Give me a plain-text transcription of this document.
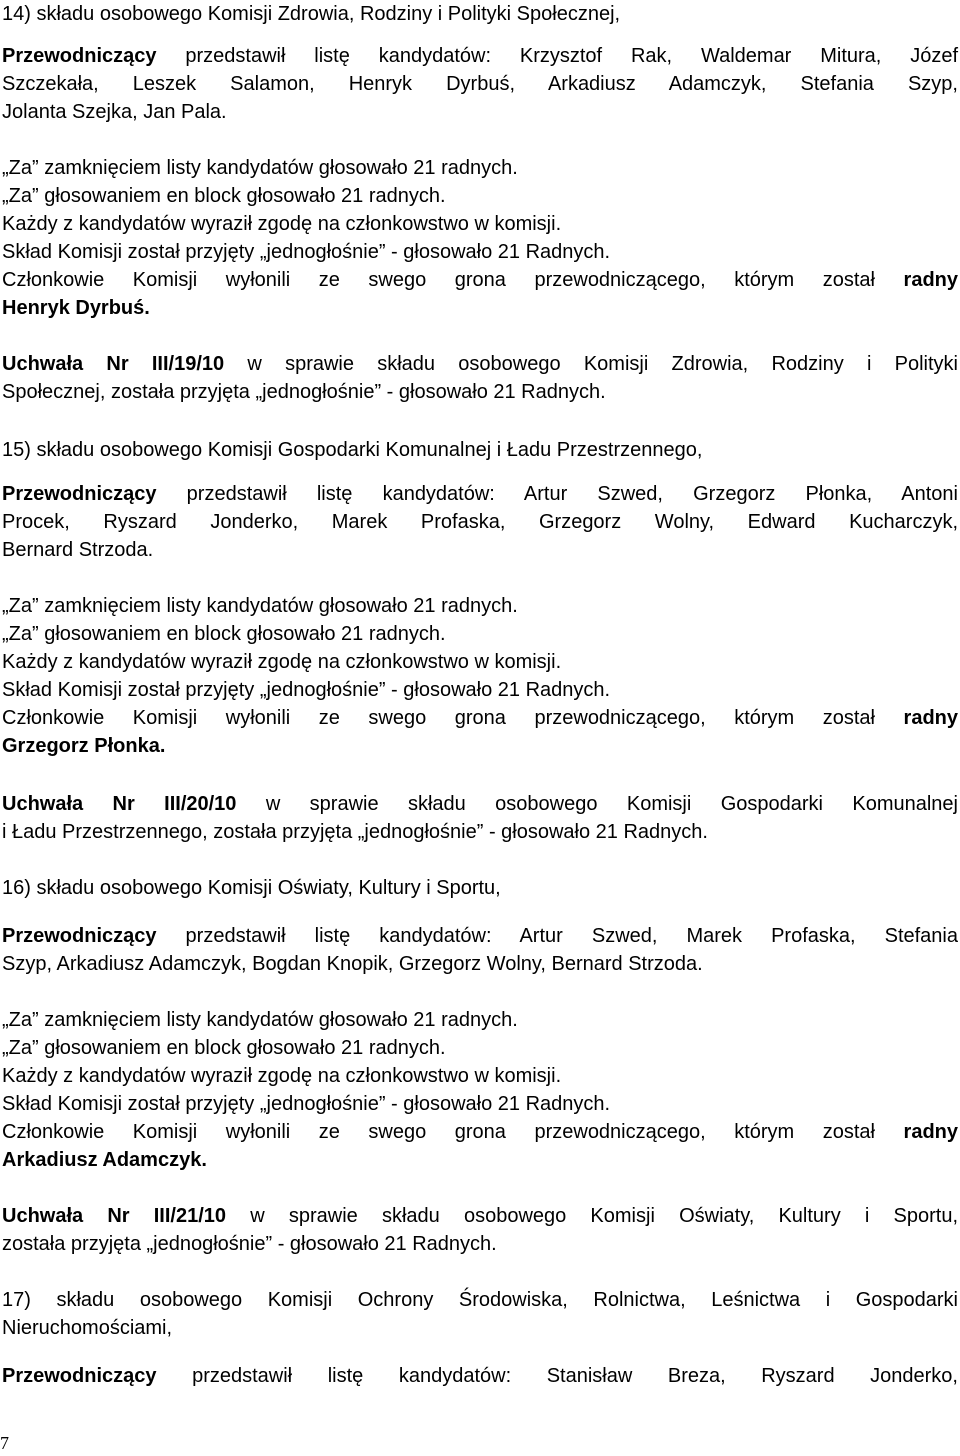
14) składu osobowego Komisji Zdrowia, Rodziny i Polityki Społecznej,
Przewodniczący przedstawił listę kandydatów: Krzysztof Rak, Waldemar Mitura, Józef
Szczekała, Leszek Salamon, Henryk Dyrbuś, Arkadiusz Adamczyk, Stefania Szyp,
Jolanta Szejka, Jan Pala.
„Za” zamknięciem listy kandydatów głosowało 21 radnych.
„Za” głosowaniem en block głosowało 21 radnych.
Każdy z kandydatów wyraził zgodę na członkowstwo w komisji.
Skład Komisji został przyjęty „jednogłośnie” - głosowało 21 Radnych.
Członkowie Komisji wyłonili ze swego grona przewodniczącego, którym został radny
Henryk Dyrbuś.
Uchwała Nr III/19/10 w sprawie składu osobowego Komisji Zdrowia, Rodziny i Polityki
Społecznej, została przyjęta „jednogłośnie” - głosowało 21 Radnych.
15) składu osobowego Komisji Gospodarki Komunalnej i Ładu Przestrzennego,
Przewodniczący przedstawił listę kandydatów: Artur Szwed, Grzegorz Płonka, Antoni
Procek, Ryszard Jonderko, Marek Profaska, Grzegorz Wolny, Edward Kucharczyk,
Bernard Strzoda.
„Za” zamknięciem listy kandydatów głosowało 21 radnych.
„Za” głosowaniem en block głosowało 21 radnych.
Każdy z kandydatów wyraził zgodę na członkowstwo w komisji.
Skład Komisji został przyjęty „jednogłośnie” - głosowało 21 Radnych.
Członkowie Komisji wyłonili ze swego grona przewodniczącego, którym został radny
Grzegorz Płonka.
Uchwała Nr III/20/10 w sprawie składu osobowego Komisji Gospodarki Komunalnej
i Ładu Przestrzennego, została przyjęta „jednogłośnie” - głosowało 21 Radnych.
16) składu osobowego Komisji Oświaty, Kultury i Sportu,
Przewodniczący przedstawił listę kandydatów: Artur Szwed, Marek Profaska, Stefania
Szyp, Arkadiusz Adamczyk, Bogdan Knopik, Grzegorz Wolny, Bernard Strzoda.
„Za” zamknięciem listy kandydatów głosowało 21 radnych.
„Za” głosowaniem en block głosowało 21 radnych.
Każdy z kandydatów wyraził zgodę na członkowstwo w komisji.
Skład Komisji został przyjęty „jednogłośnie” - głosowało 21 Radnych.
Członkowie Komisji wyłonili ze swego grona przewodniczącego, którym został radny
Arkadiusz Adamczyk.
Uchwała Nr III/21/10 w sprawie składu osobowego Komisji Oświaty, Kultury i Sportu,
została przyjęta „jednogłośnie” - głosowało 21 Radnych.
17) składu osobowego Komisji Ochrony Środowiska, Rolnictwa, Leśnictwa i Gospodarki
Nieruchomościami,
Przewodniczący przedstawił listę kandydatów: Stanisław Breza, Ryszard Jonderko,
7
